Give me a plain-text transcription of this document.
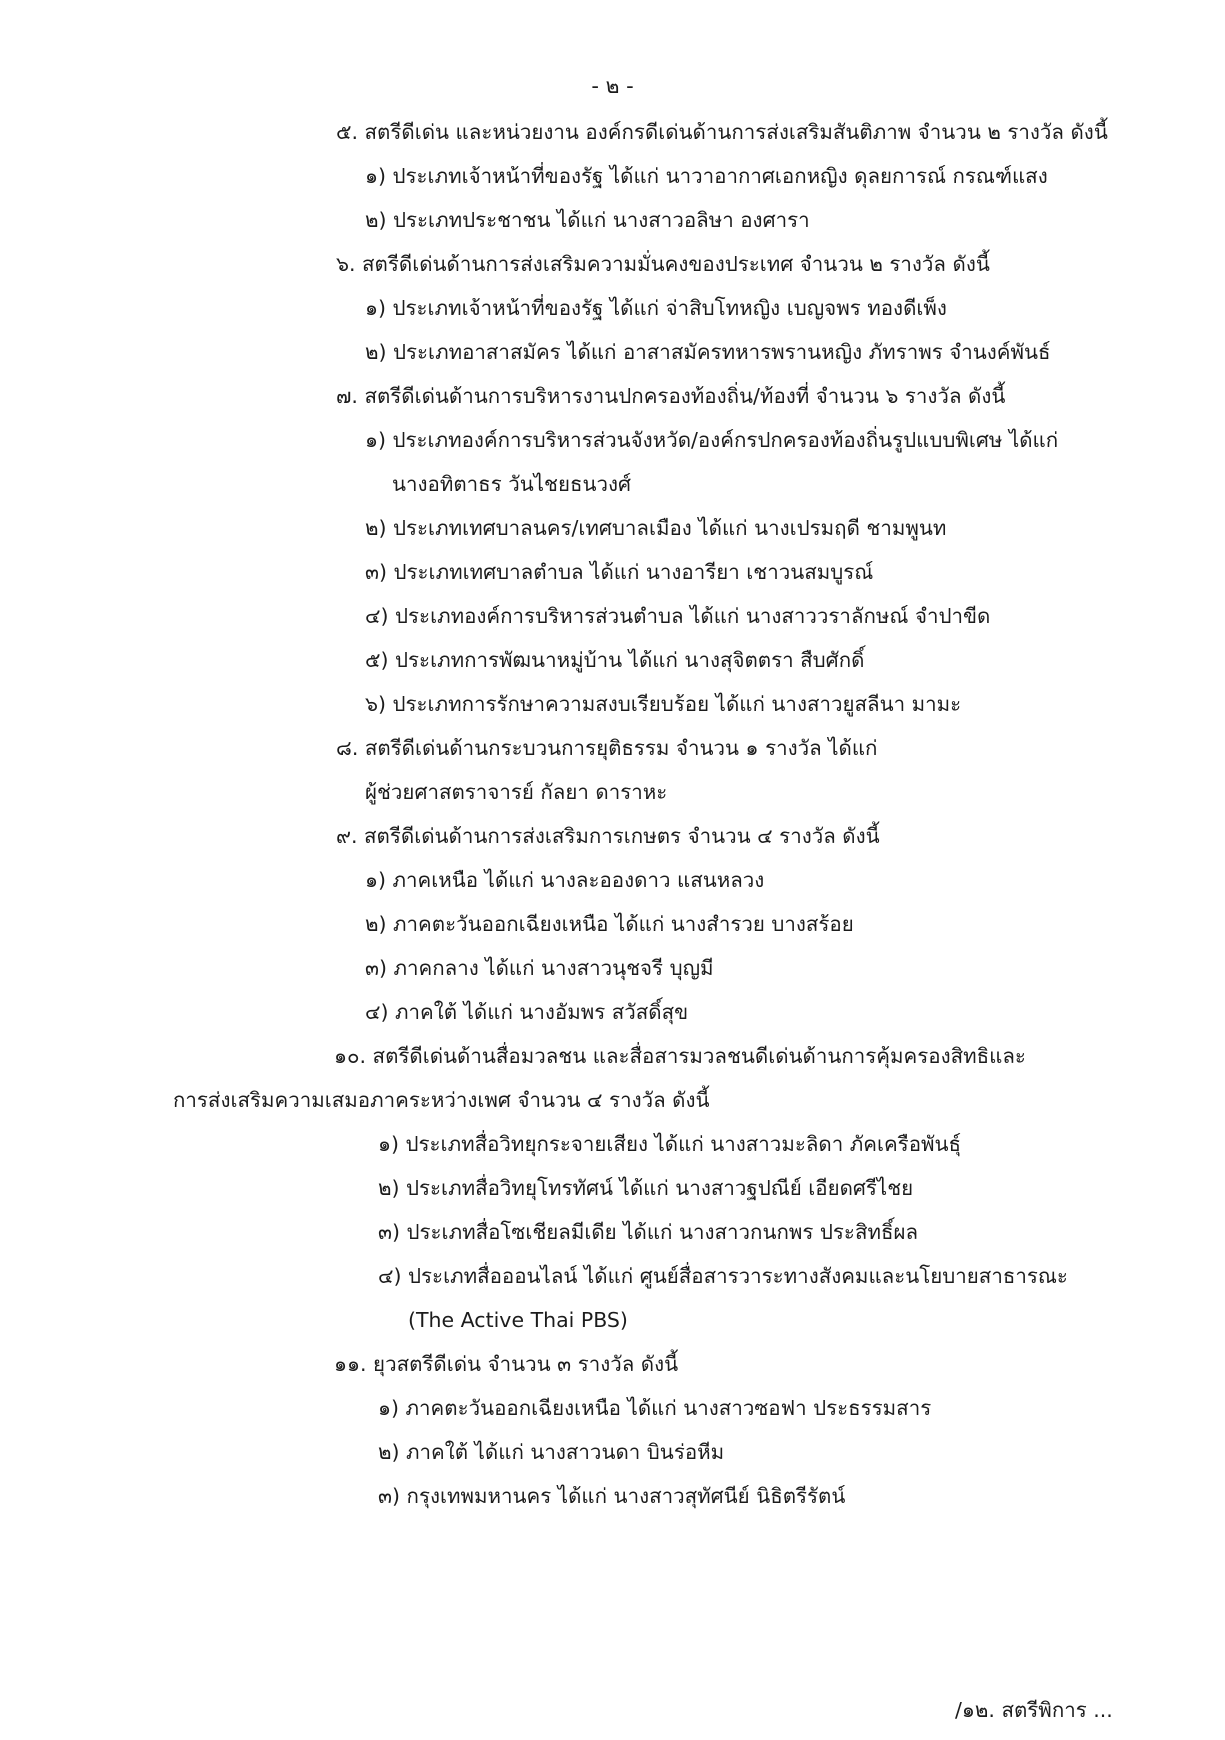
- ๒ -
๕. สตรีดีเด่น และหน่วยงาน องค์กรดีเด่นด้านการส่งเสริมสันติภาพ จำนวน ๒ รางวัล ดังนี้
๑) ประเภทเจ้าหน้าที่ของรัฐ ได้แก่ นาวาอากาศเอกหญิง ดุลยการณ์ กรณฑ์แสง
๒) ประเภทประชาชน ได้แก่ นางสาวอลิษา องศารา
๖. สตรีดีเด่นด้านการส่งเสริมความมั่นคงของประเทศ จำนวน ๒ รางวัล ดังนี้
๑) ประเภทเจ้าหน้าที่ของรัฐ ได้แก่ จ่าสิบโทหญิง เบญจพร ทองดีเพ็ง
๒) ประเภทอาสาสมัคร ได้แก่ อาสาสมัครทหารพรานหญิง ภัทราพร จำนงค์พันธ์
๗. สตรีดีเด่นด้านการบริหารงานปกครองท้องถิ่น/ท้องที่ จำนวน ๖ รางวัล ดังนี้
๑) ประเภทองค์การบริหารส่วนจังหวัด/องค์กรปกครองท้องถิ่นรูปแบบพิเศษ ได้แก่
นางอทิตาธร วันไชยธนวงศ์
๒) ประเภทเทศบาลนคร/เทศบาลเมือง ได้แก่ นางเปรมฤดี ชามพูนท
๓) ประเภทเทศบาลตำบล ได้แก่ นางอารียา เชาวนสมบูรณ์
๔) ประเภทองค์การบริหารส่วนตำบล ได้แก่ นางสาววราลักษณ์ จำปาขีด
๕) ประเภทการพัฒนาหมู่บ้าน ได้แก่ นางสุจิตตรา สืบศักดิ์
๖) ประเภทการรักษาความสงบเรียบร้อย ได้แก่ นางสาวยูสลีนา มามะ
๘. สตรีดีเด่นด้านกระบวนการยุติธรรม จำนวน ๑ รางวัล ได้แก่
ผู้ช่วยศาสตราจารย์ กัลยา ดาราหะ
๙. สตรีดีเด่นด้านการส่งเสริมการเกษตร จำนวน ๔ รางวัล ดังนี้
๑) ภาคเหนือ ได้แก่ นางละอองดาว แสนหลวง
๒) ภาคตะวันออกเฉียงเหนือ ได้แก่ นางสำรวย บางสร้อย
๓) ภาคกลาง ได้แก่ นางสาวนุชจรี บุญมี
๔) ภาคใต้ ได้แก่ นางอัมพร สวัสดิ์สุข
๑๐. สตรีดีเด่นด้านสื่อมวลชน และสื่อสารมวลชนดีเด่นด้านการคุ้มครองสิทธิและ
การส่งเสริมความเสมอภาคระหว่างเพศ จำนวน ๔ รางวัล ดังนี้
๑) ประเภทสื่อวิทยุกระจายเสียง ได้แก่ นางสาวมะลิดา ภัคเครือพันธุ์
๒) ประเภทสื่อวิทยุโทรทัศน์ ได้แก่ นางสาวฐปณีย์ เอียดศรีไชย
๓) ประเภทสื่อโซเชียลมีเดีย ได้แก่ นางสาวกนกพร ประสิทธิ์ผล
๔) ประเภทสื่อออนไลน์ ได้แก่ ศูนย์สื่อสารวาระทางสังคมและนโยบายสาธารณะ
(The Active Thai PBS)
๑๑. ยุวสตรีดีเด่น จำนวน ๓ รางวัล ดังนี้
๑) ภาคตะวันออกเฉียงเหนือ ได้แก่ นางสาวซอฟา ประธรรมสาร
๒) ภาคใต้ ได้แก่ นางสาวนดา บินร่อหีม
๓) กรุงเทพมหานคร ได้แก่ นางสาวสุทัศนีย์ นิธิตรีรัตน์
/๑๒. สตรีพิการ ...
